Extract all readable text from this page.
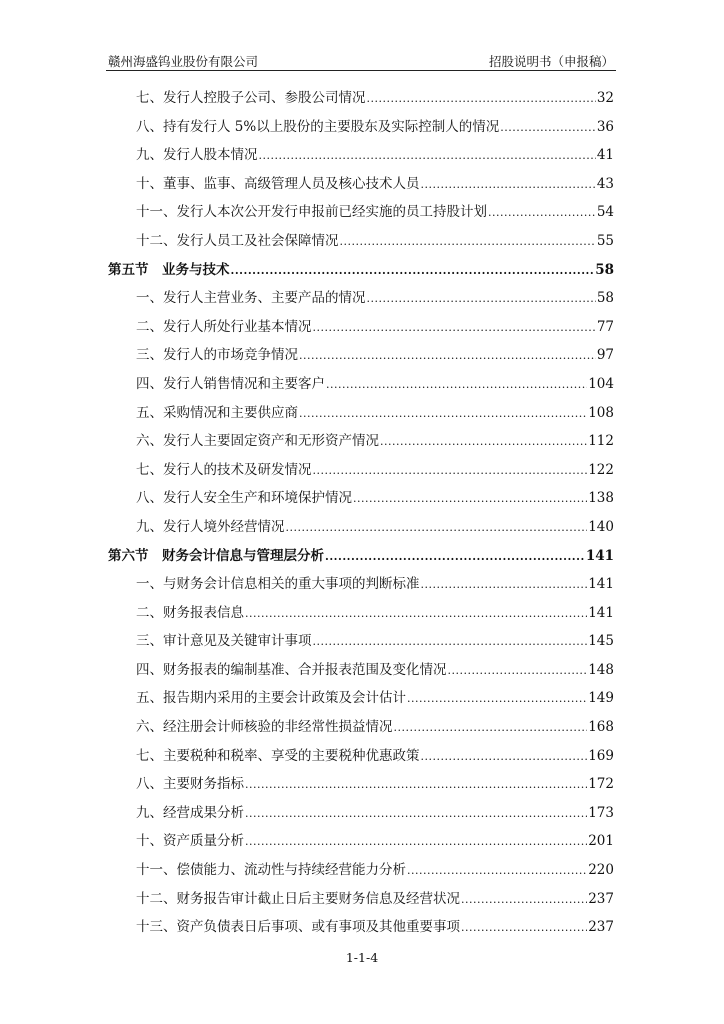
赣州海盛钨业股份有限公司	招股说明书（申报稿）
七、发行人控股子公司、参股公司情况 .....	32
八、持有发行人 5%以上股份的主要股东及实际控制人的情况 .....	36
九、发行人股本情况 .....	41
十、董事、监事、高级管理人员及核心技术人员 .....	43
十一、发行人本次公开发行申报前已经实施的员工持股计划 .....	54
十二、发行人员工及社会保障情况 .....	55
第五节　业务与技术 .....	58
一、发行人主营业务、主要产品的情况 .....	58
二、发行人所处行业基本情况 .....	77
三、发行人的市场竞争情况 .....	97
四、发行人销售情况和主要客户 .....	104
五、采购情况和主要供应商 .....	108
六、发行人主要固定资产和无形资产情况 .....	112
七、发行人的技术及研发情况 .....	122
八、发行人安全生产和环境保护情况 .....	138
九、发行人境外经营情况 .....	140
第六节　财务会计信息与管理层分析 .....	141
一、与财务会计信息相关的重大事项的判断标准 .....	141
二、财务报表信息 .....	141
三、审计意见及关键审计事项 .....	145
四、财务报表的编制基准、合并报表范围及变化情况 .....	148
五、报告期内采用的主要会计政策及会计估计 .....	149
六、经注册会计师核验的非经常性损益情况 .....	168
七、主要税种和税率、享受的主要税种优惠政策 .....	169
八、主要财务指标 .....	172
九、经营成果分析 .....	173
十、资产质量分析 .....	201
十一、偿债能力、流动性与持续经营能力分析 .....	220
十二、财务报告审计截止日后主要财务信息及经营状况 .....	237
十三、资产负债表日后事项、或有事项及其他重要事项 .....	237
1-1-4
